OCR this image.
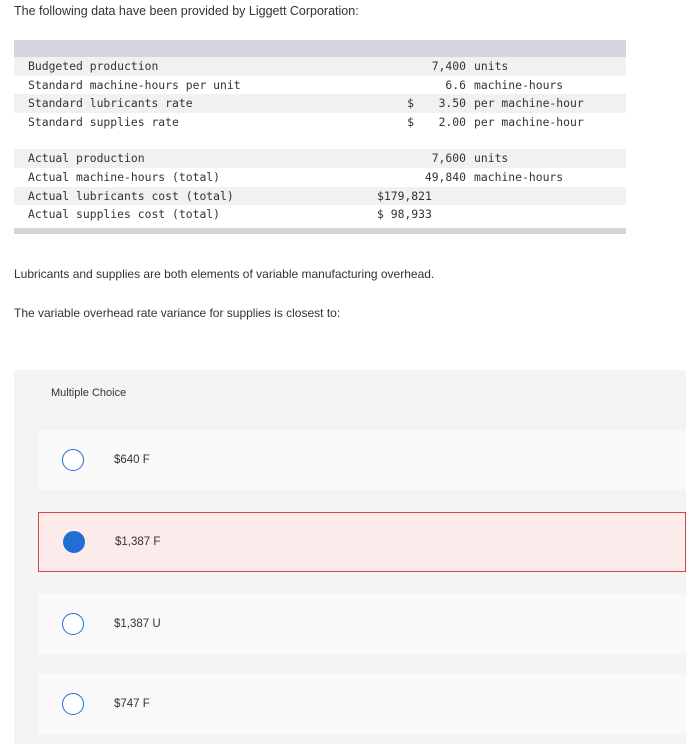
The following data have been provided by Liggett Corporation:

Budgeted production		7,400	units
Standard machine-hours per unit		6.6	machine-hours
Standard lubricants rate	$	3.50	per machine-hour
Standard supplies rate	$	2.00	per machine-hour

Actual production		7,600	units
Actual machine-hours (total)		49,840	machine-hours
Actual lubricants cost (total)	$179,821		
Actual supplies cost (total)	$ 98,933		

Lubricants and supplies are both elements of variable manufacturing overhead.

The variable overhead rate variance for supplies is closest to:

Multiple Choice
$640 F
$1,387 F
$1,387 U
$747 F
